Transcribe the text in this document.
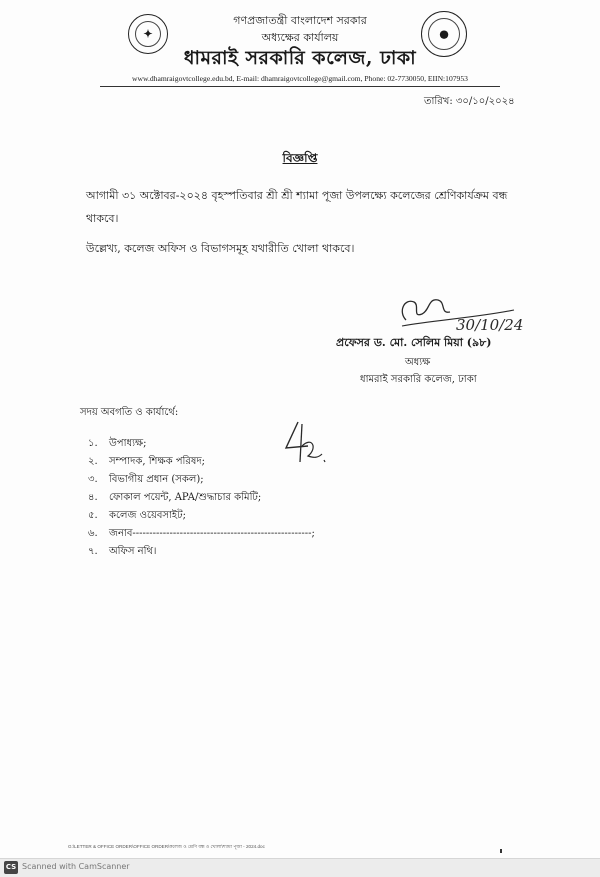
✦	●
গণপ্রজাতন্ত্রী বাংলাদেশ সরকার
অধ্যক্ষের কার্যালয়
ধামরাই সরকারি কলেজ, ঢাকা
www.dhamraigovtcollege.edu.bd, E-mail: dhamraigovtcollege@gmail.com, Phone: 02-7730050, EIIN:107953
তারিখ: ৩০/১০/২০২৪
বিজ্ঞপ্তি
আগামী ৩১ অক্টোবর-২০২৪ বৃহস্পতিবার শ্রী শ্রী শ্যামা পূজা উপলক্ষ্যে কলেজের শ্রেণিকার্যক্রম বন্ধ
থাকবে।
উল্লেখ্য, কলেজ অফিস ও বিভাগসমূহ যথারীতি খোলা থাকবে।
30/10/24
প্রফেসর ড. মো. সেলিম মিয়া (৯৮)
অধ্যক্ষ
ধামরাই সরকারি কলেজ, ঢাকা
সদয় অবগতি ও কার্যার্থে:
১. উপাধ্যক্ষ;
২. সম্পাদক, শিক্ষক পরিষদ;
৩. বিভাগীয় প্রধান (সকল);
৪. ফোকাল পয়েন্ট, APA/শুদ্ধাচার কমিটি;
৫. কলেজ ওয়েবসাইট;
৬. জনাব-----------------------------------------------------;
৭. অফিস নথি।
G:\LETTER & OFFICE ORDER\OFFICE ORDER\কলেজ ও শ্রেণি বন্ধ ও খোলা\শ্যামা পূজা - 2024.doc
CS Scanned with CamScanner
